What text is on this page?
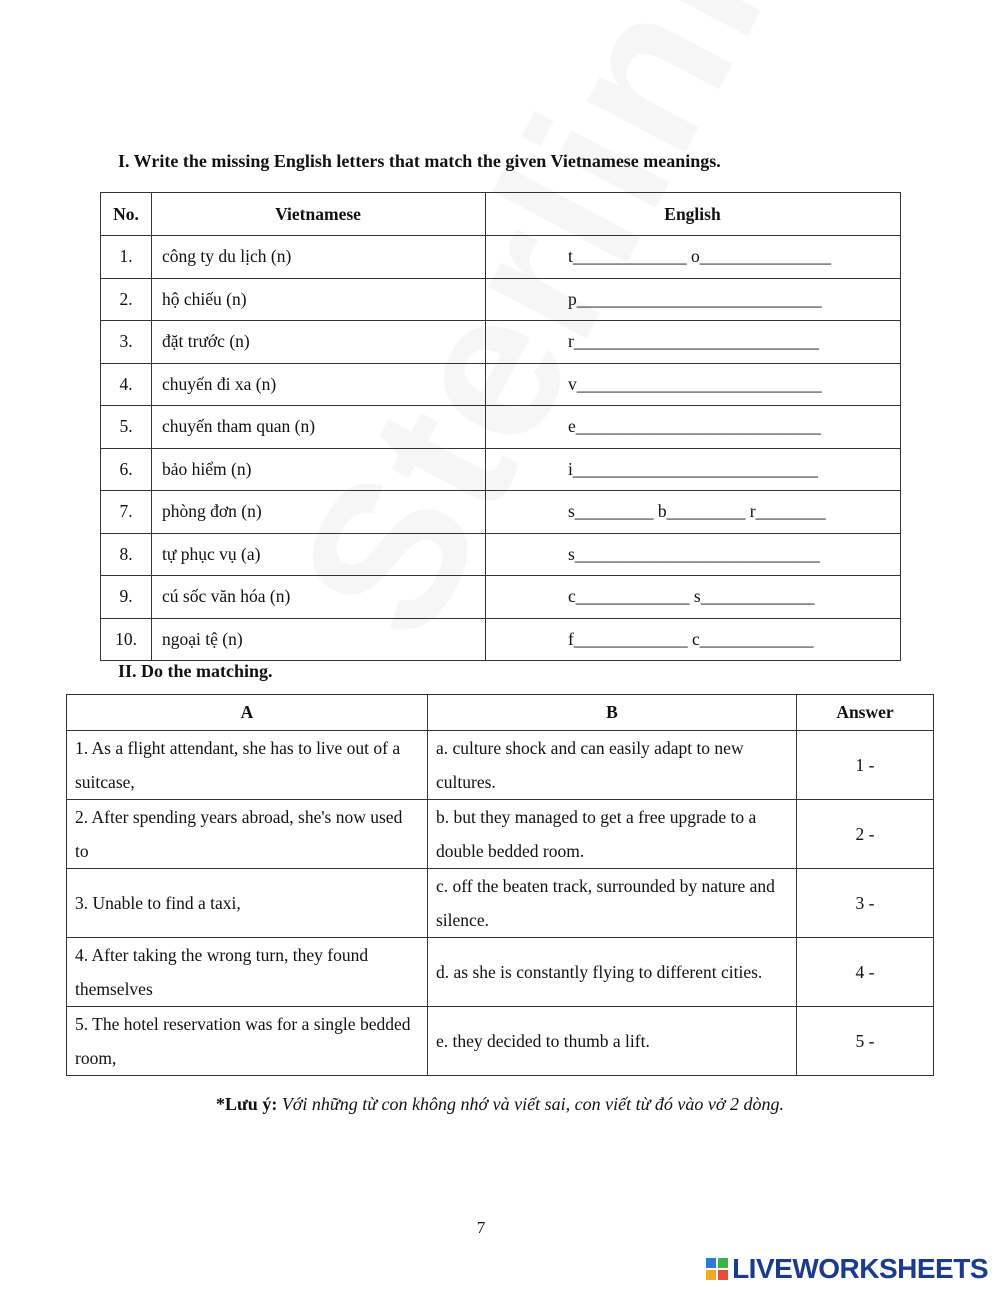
I. Write the missing English letters that match the given Vietnamese meanings.
No.	Vietnamese	English
1.	công ty du lịch (n)	t_____________ o_______________
2.	hộ chiếu (n)	p____________________________
3.	đặt trước (n)	r____________________________
4.	chuyến đi xa (n)	v____________________________
5.	chuyến tham quan (n)	e____________________________
6.	bảo hiểm (n)	i____________________________
7.	phòng đơn (n)	s_________ b_________ r________
8.	tự phục vụ (a)	s____________________________
9.	cú sốc văn hóa (n)	c_____________ s_____________
10.	ngoại tệ (n)	f_____________ c_____________
II. Do the matching.
A	B	Answer
1. As a flight attendant, she has to live out of a suitcase,	a. culture shock and can easily adapt to new cultures.	1 -
2. After spending years abroad, she's now used to	b. but they managed to get a free upgrade to a double bedded room.	2 -
3. Unable to find a taxi,	c. off the beaten track, surrounded by nature and silence.	3 -
4. After taking the wrong turn, they found themselves	d. as she is constantly flying to different cities.	4 -
5. The hotel reservation was for a single bedded room,	e. they decided to thumb a lift.	5 -
*Lưu ý: Với những từ con không nhớ và viết sai, con viết từ đó vào vở 2 dòng.
7
LIVEWORKSHEETS
